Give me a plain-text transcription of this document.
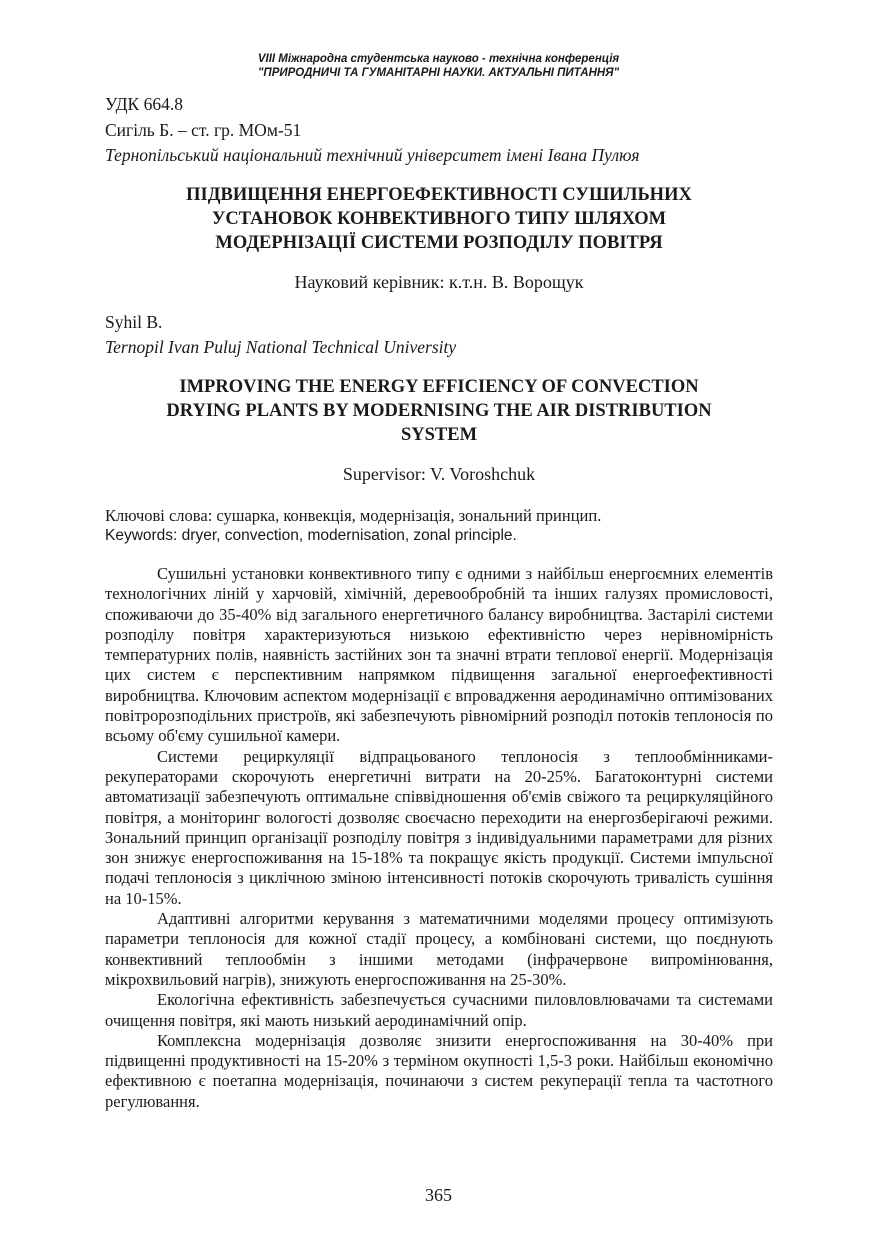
VIII Міжнародна студентська науково - технічна конференція
"ПРИРОДНИЧІ ТА ГУМАНІТАРНІ НАУКИ. АКТУАЛЬНІ ПИТАННЯ"
УДК 664.8
Сигіль Б. – ст. гр. МОм-51
Тернопільський національний технічний університет імені Івана Пулюя

ПІДВИЩЕННЯ ЕНЕРГОЕФЕКТИВНОСТІ СУШИЛЬНИХ

УСТАНОВОК КОНВЕКТИВНОГО ТИПУ ШЛЯХОМ

МОДЕРНІЗАЦІЇ СИСТЕМИ РОЗПОДІЛУ ПОВІТРЯ

Науковий керівник: к.т.н. В. Ворощук
Syhil B.
Ternopil Ivan Puluj National Technical University

IMPROVING THE ENERGY EFFICIENCY OF CONVECTION

DRYING PLANTS BY MODERNISING THE AIR DISTRIBUTION

SYSTEM

Supervisor: V. Voroshchuk
Ключові слова: сушарка, конвекція, модернізація, зональний принцип.
Keywords: dryer, convection, modernisation, zonal principle.

Сушильні установки конвективного типу є одними з найбільш енергоємних елементів технологічних ліній у харчовій, хімічній, деревообробній та інших галузях промисловості, споживаючи до 35-40% від загального енергетичного балансу виробництва. Застарілі системи розподілу повітря характеризуються низькою ефективністю через нерівномірність температурних полів, наявність застійних зон та значні втрати теплової енергії. Модернізація цих систем є перспективним напрямком підвищення загальної енергоефективності виробництва. Ключовим аспектом модернізації є впровадження аеродинамічно оптимізованих повітророзподільних пристроїв, які забезпечують рівномірний розподіл потоків теплоносія по всьому об'єму сушильної камери.

Системи рециркуляції відпрацьованого теплоносія з теплообмінниками-рекуператорами скорочують енергетичні витрати на 20-25%. Багатоконтурні системи автоматизації забезпечують оптимальне співвідношення об'ємів свіжого та рециркуляційного повітря, а моніторинг вологості дозволяє своєчасно переходити на енергозберігаючі режими. Зональний принцип організації розподілу повітря з індивідуальними параметрами для різних зон знижує енергоспоживання на 15-18% та покращує якість продукції. Системи імпульсної подачі теплоносія з циклічною зміною інтенсивності потоків скорочують тривалість сушіння на 10-15%.

Адаптивні алгоритми керування з математичними моделями процесу оптимізують параметри теплоносія для кожної стадії процесу, а комбіновані системи, що поєднують конвективний теплообмін з іншими методами (інфрачервоне випромінювання, мікрохвильовий нагрів), знижують енергоспоживання на 25-30%.

Екологічна ефективність забезпечується сучасними пиловловлювачами та системами очищення повітря, які мають низький аеродинамічний опір.

Комплексна модернізація дозволяє знизити енергоспоживання на 30-40% при підвищенні продуктивності на 15-20% з терміном окупності 1,5-3 роки. Найбільш економічно ефективною є поетапна модернізація, починаючи з систем рекуперації тепла та частотного регулювання.

365
